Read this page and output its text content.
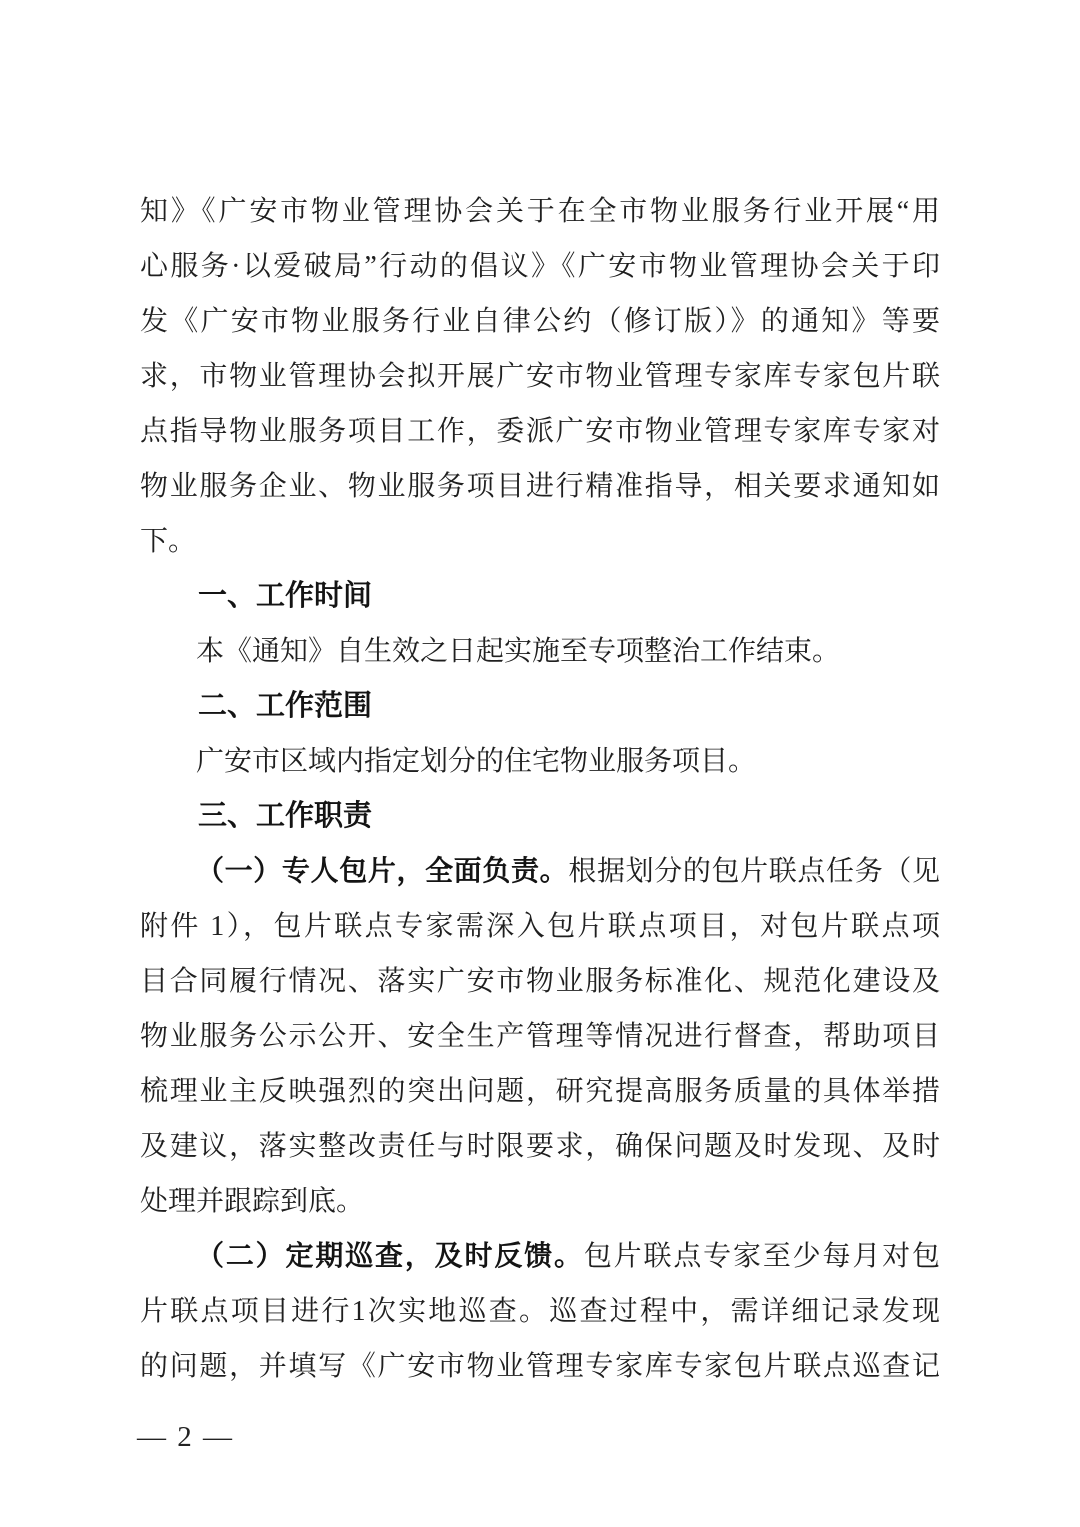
知》《广安市物业管理协会关于在全市物业服务行业开展“用
心服务·以爱破局”行动的倡议》《广安市物业管理协会关于印
发《广安市物业服务行业自律公约（修订版）》的通知》等要
求，市物业管理协会拟开展广安市物业管理专家库专家包片联
点指导物业服务项目工作，委派广安市物业管理专家库专家对
物业服务企业、物业服务项目进行精准指导，相关要求通知如
下。
一、工作时间
本《通知》自生效之日起实施至专项整治工作结束。
二、工作范围
广安市区域内指定划分的住宅物业服务项目。
三、工作职责
（一）专人包片，全面负责。根据划分的包片联点任务（见
附件 1），包片联点专家需深入包片联点项目，对包片联点项
目合同履行情况、落实广安市物业服务标准化、规范化建设及
物业服务公示公开、安全生产管理等情况进行督查，帮助项目
梳理业主反映强烈的突出问题，研究提高服务质量的具体举措
及建议，落实整改责任与时限要求，确保问题及时发现、及时
处理并跟踪到底。
（二）定期巡查，及时反馈。包片联点专家至少每月对包
片联点项目进行1次实地巡查。巡查过程中，需详细记录发现
的问题，并填写《广安市物业管理专家库专家包片联点巡查记
— 2 —
